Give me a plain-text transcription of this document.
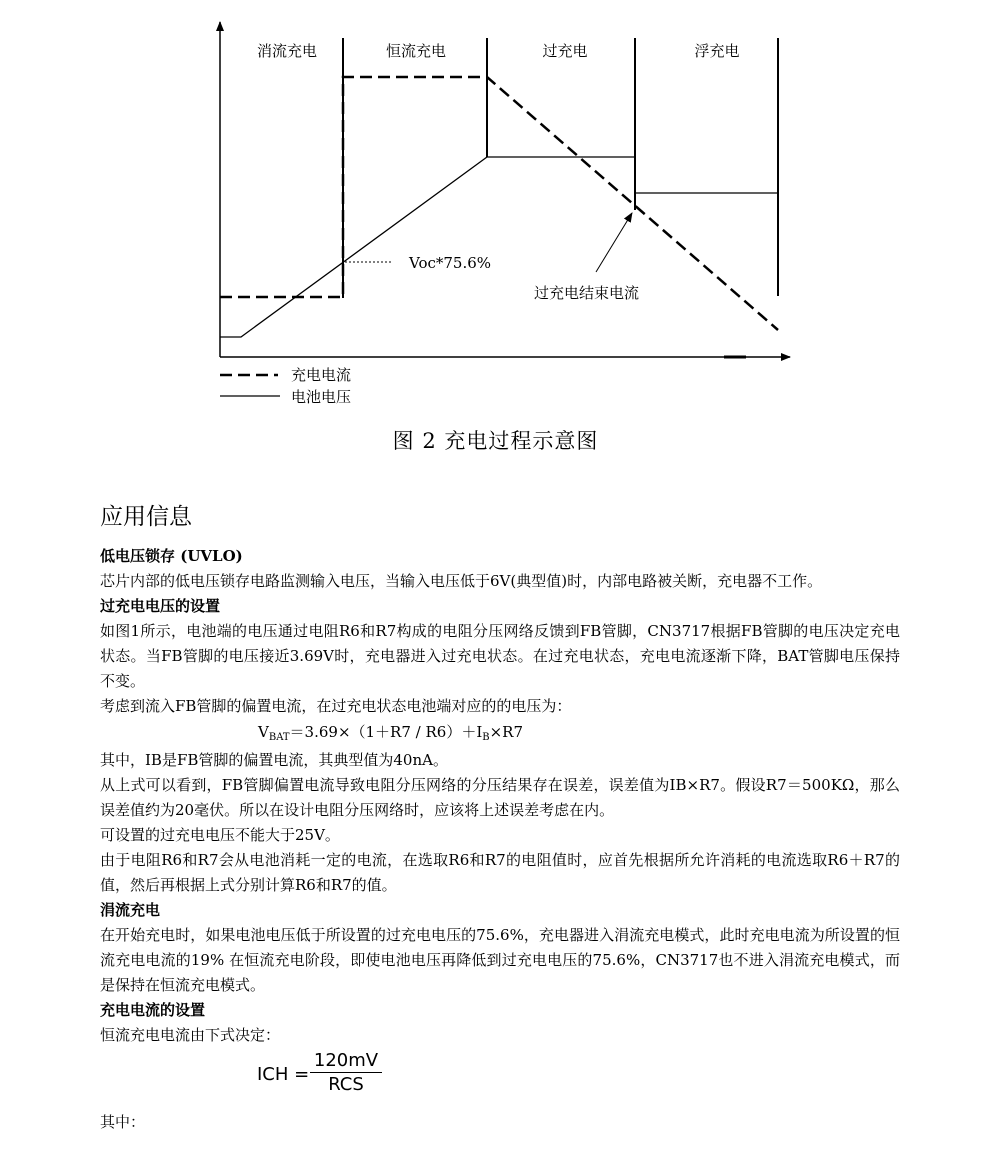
消流充电	恒流充电	过充电	浮充电
Voc*75.6%
过充电结束电流
充电电流
电池电压
图 2 充电过程示意图
应用信息
低电压锁存 (UVLO)
芯片内部的低电压锁存电路监测输入电压，当输入电压低于6V(典型值)时，内部电路被关断，充电器不工作。
过充电电压的设置
如图1所示，电池端的电压通过电阻R6和R7构成的电阻分压网络反馈到FB管脚，CN3717根据FB管脚的电压决定充电状态。当FB管脚的电压接近3.69V时，充电器进入过充电状态。在过充电状态，充电电流逐渐下降，BAT管脚电压保持不变。
考虑到流入FB管脚的偏置电流，在过充电状态电池端对应的的电压为：
$V_{BAT}=3.69\times(1+R7 / R6)+I_B\times R7$
其中，IB是FB管脚的偏置电流，其典型值为40nA。
从上式可以看到，FB管脚偏置电流导致电阻分压网络的分压结果存在误差，误差值为IB×R7。假设R7＝500KΩ，那么误差值约为20毫伏。所以在设计电阻分压网络时，应该将上述误差考虑在内。
可设置的过充电电压不能大于25V。
由于电阻R6和R7会从电池消耗一定的电流，在选取R6和R7的电阻值时，应首先根据所允许消耗的电流选取R6＋R7的值，然后再根据上式分别计算R6和R7的值。
涓流充电
在开始充电时，如果电池电压低于所设置的过充电电压的75.6%，充电器进入涓流充电模式，此时充电电流为所设置的恒流充电电流的19% 在恒流充电阶段，即使电池电压再降低到过充电电压的75.6%，CN3717也不进入涓流充电模式，而是保持在恒流充电模式。
充电电流的设置
恒流充电电流由下式决定：
ICH =
120mV
RCS
其中：
